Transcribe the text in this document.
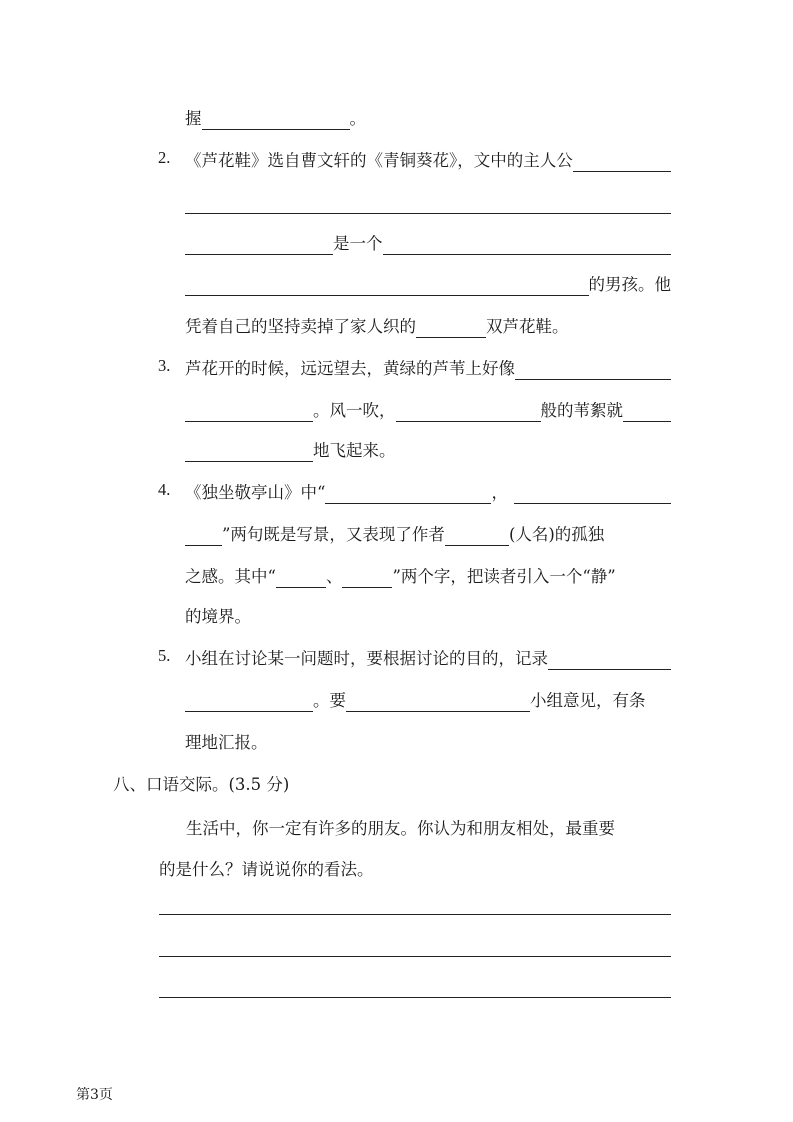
握	。
2. 《芦花鞋》选自曹文轩的《青铜葵花》，文中的主人公
是一个
的男孩。他
凭着自己的坚持卖掉了家人织的	双芦花鞋。
3. 芦花开的时候，远远望去，黄绿的芦苇上好像
。风一吹，	般的苇絮就
地飞起来。
4. 《独坐敬亭山》中“	，
”两句既是写景，又表现了作者	(人名)的孤独
之感。其中“	、	”两个字，把读者引入一个“静”
的境界。
5. 小组在讨论某一问题时，要根据讨论的目的，记录
。要	小组意见，有条
理地汇报。
八、口语交际。(3.5 分)
生活中，你一定有许多的朋友。你认为和朋友相处，最重要
的是什么？请说说你的看法。
第3页
